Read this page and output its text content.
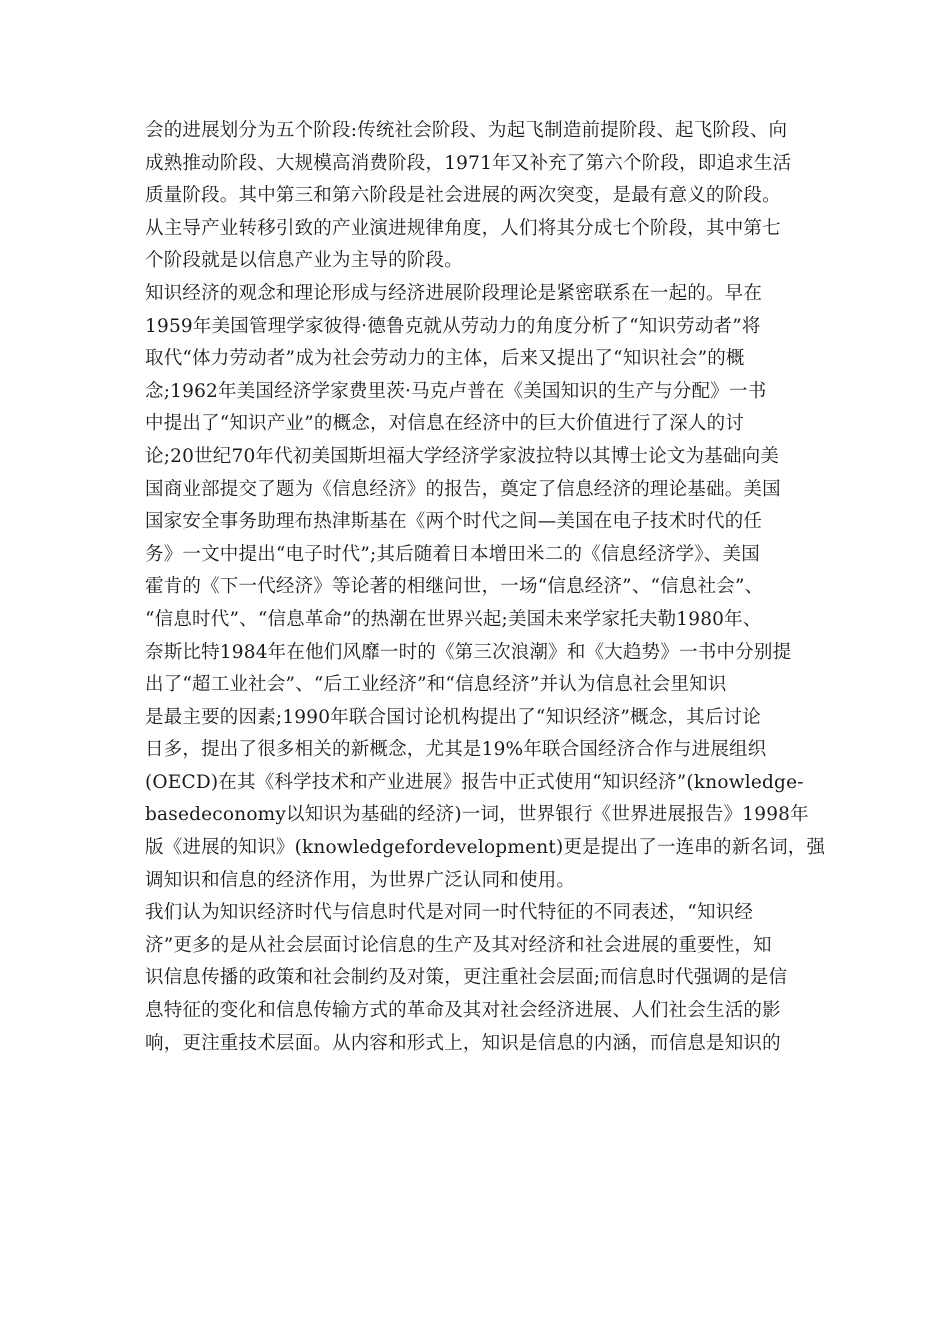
会的进展划分为五个阶段:传统社会阶段、为起飞制造前提阶段、起飞阶段、向
成熟推动阶段、大规模高消费阶段，1971年又补充了第六个阶段，即追求生活
质量阶段。其中第三和第六阶段是社会进展的两次突变，是最有意义的阶段。
从主导产业转移引致的产业演进规律角度，人们将其分成七个阶段，其中第七
个阶段就是以信息产业为主导的阶段。
知识经济的观念和理论形成与经济进展阶段理论是紧密联系在一起的。早在
1959年美国管理学家彼得·德鲁克就从劳动力的角度分析了“知识劳动者”将
取代“体力劳动者”成为社会劳动力的主体，后来又提出了“知识社会”的概
念;1962年美国经济学家费里茨·马克卢普在《美国知识的生产与分配》一书
中提出了“知识产业”的概念，对信息在经济中的巨大价值进行了深人的讨
论;20世纪70年代初美国斯坦福大学经济学家波拉特以其博士论文为基础向美
国商业部提交了题为《信息经济》的报告，奠定了信息经济的理论基础。美国
国家安全事务助理布热津斯基在《两个时代之间—美国在电子技术时代的任
务》一文中提出“电子时代”;其后随着日本增田米二的《信息经济学》、美国
霍肯的《下一代经济》等论著的相继问世，一场“信息经济”、“信息社会”、
“信息时代”、“信息革命”的热潮在世界兴起;美国未来学家托夫勒1980年、
奈斯比特1984年在他们风靡一时的《第三次浪潮》和《大趋势》一书中分别提
出了“超工业社会”、“后工业经济”和“信息经济”并认为信息社会里知识
是最主要的因素;1990年联合国讨论机构提出了“知识经济”概念，其后讨论
日多，提出了很多相关的新概念，尤其是19%年联合国经济合作与进展组织
(OECD)在其《科学技术和产业进展》报告中正式使用“知识经济”(knowledge-
basedeconomy以知识为基础的经济)一词，世界银行《世界进展报告》1998年
版《进展的知识》(knowledgefordevelopment)更是提出了一连串的新名词，强
调知识和信息的经济作用，为世界广泛认同和使用。
我们认为知识经济时代与信息时代是对同一时代特征的不同表述，“知识经
济”更多的是从社会层面讨论信息的生产及其对经济和社会进展的重要性，知
识信息传播的政策和社会制约及对策，更注重社会层面;而信息时代强调的是信
息特征的变化和信息传输方式的革命及其对社会经济进展、人们社会生活的影
响，更注重技术层面。从内容和形式上，知识是信息的内涵，而信息是知识的
